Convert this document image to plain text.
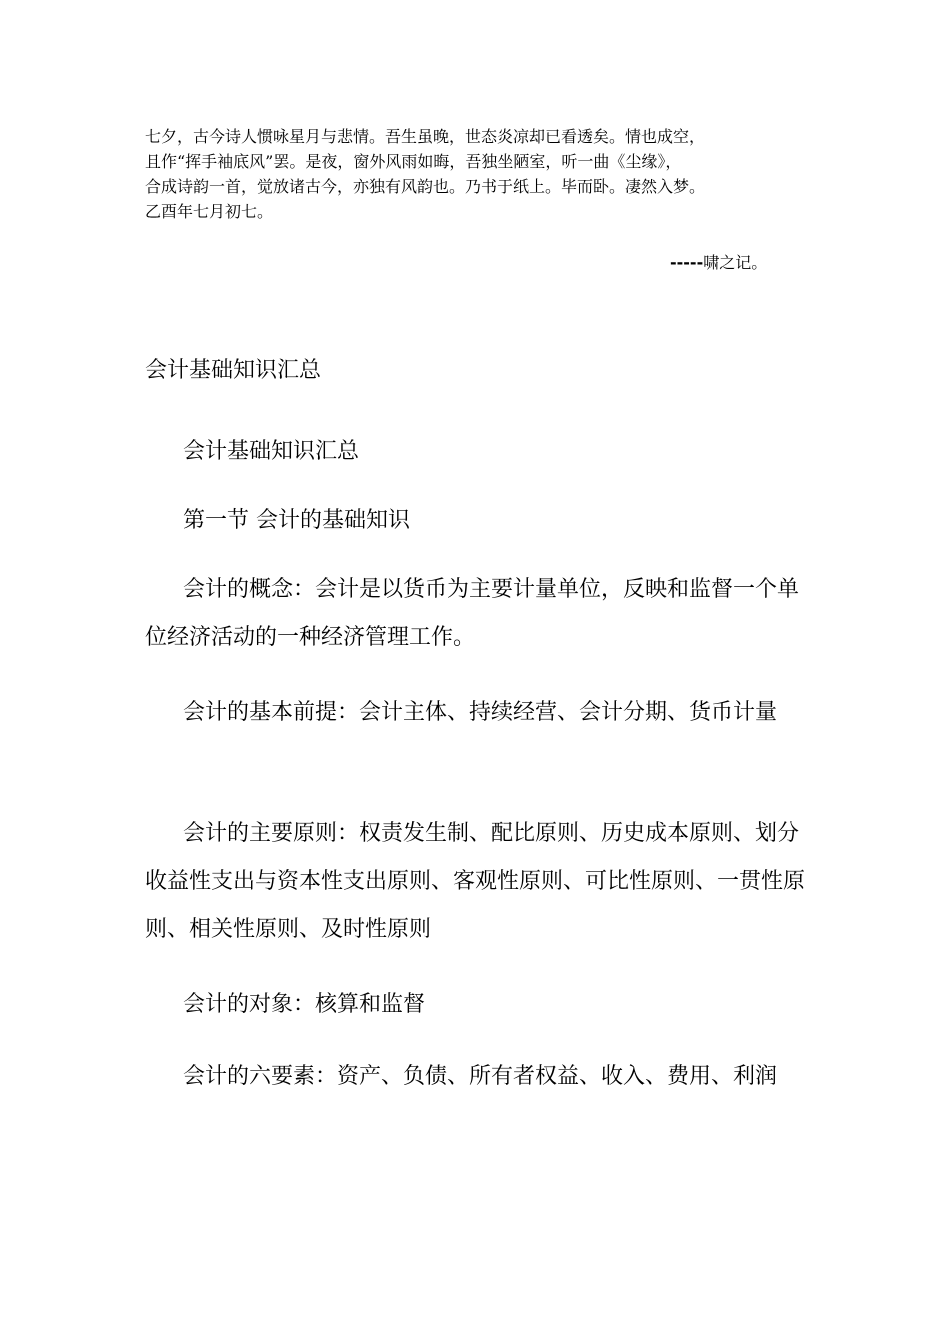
七夕，古今诗人惯咏星月与悲情。吾生虽晚，世态炎凉却已看透矣。情也成空，
且作“挥手袖底风”罢。是夜，窗外风雨如晦，吾独坐陋室，听一曲《尘缘》，
合成诗韵一首，觉放诸古今，亦独有风韵也。乃书于纸上。毕而卧。凄然入梦。
乙酉年七月初七。

-----啸之记。

会计基础知识汇总

会计基础知识汇总

第一节 会计的基础知识

会计的概念：会计是以货币为主要计量单位，反映和监督一个单位经济活动的一种经济管理工作。

会计的基本前提：会计主体、持续经营、会计分期、货币计量

会计的主要原则：权责发生制、配比原则、历史成本原则、划分收益性支出与资本性支出原则、客观性原则、可比性原则、一贯性原则、相关性原则、及时性原则

会计的对象：核算和监督

会计的六要素：资产、负债、所有者权益、收入、费用、利润
